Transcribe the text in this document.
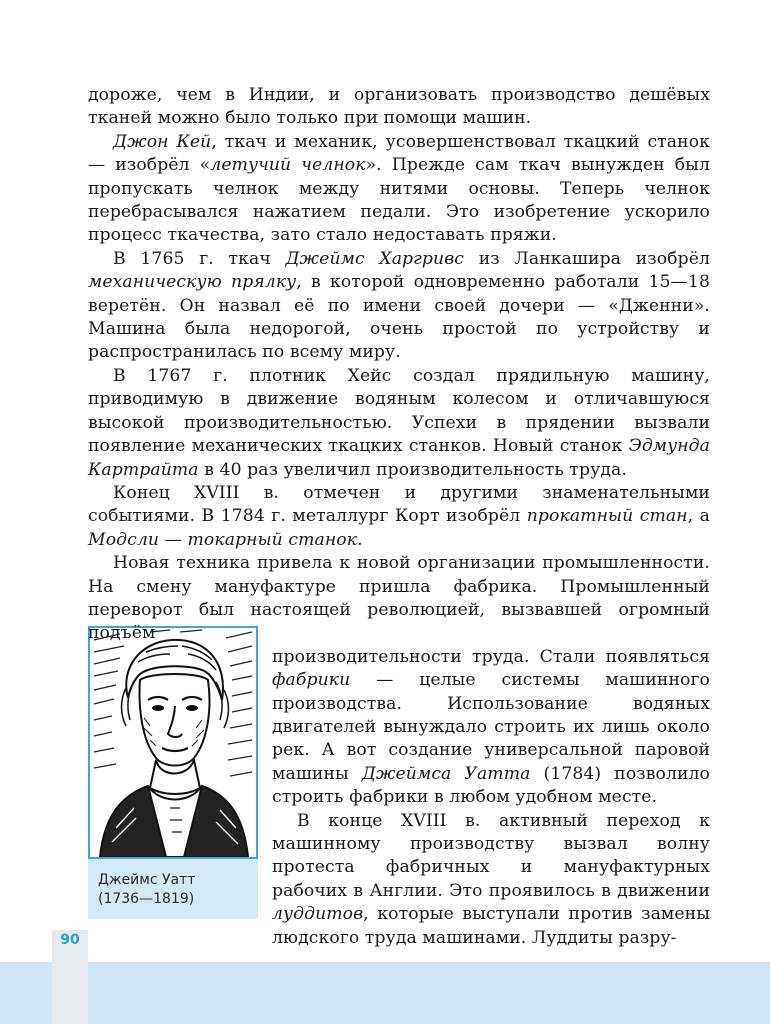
90
Джеймс Уатт
(1736—1819)

дороже, чем в Индии, и организовать производство дешёвых тканей можно было только при помощи машин.

Джон Кей, ткач и механик, усовершенствовал ткацкий станок — изобрёл «летучий челнок». Прежде сам ткач вынужден был пропускать челнок между нитями основы. Теперь челнок перебрасывался нажатием педали. Это изобретение ускорило процесс ткачества, зато стало недоставать пряжи.

В 1765 г. ткач Джеймс Харгривс из Ланкашира изобрёл механическую прялку, в которой одновременно работали 15—18 веретён. Он назвал её по имени своей дочери — «Дженни». Машина была недорогой, очень простой по устройству и распространилась по всему миру.

В 1767 г. плотник Хейс создал прядильную машину, приводимую в движение водяным колесом и отличавшуюся высокой производительностью. Успехи в прядении вызвали появление механических ткацких станков. Новый станок Эдмунда Картрайта в 40 раз увеличил производительность труда.

Конец XVIII в. отмечен и другими знаменательными событиями. В 1784 г. металлург Корт изобрёл прокатный стан, а Модсли — токарный станок.

Новая техника привела к новой организации промышленности. На смену мануфактуре пришла фабрика. Промышленный переворот был настоящей революцией, вызвавшей огромный подъём

производительности труда. Стали появляться фабрики — целые системы машинного производства. Использование водяных двигателей вынуждало строить их лишь около рек. А вот создание универсальной паровой машины Джеймса Уатта (1784) позволило строить фабрики в любом удобном месте.

В конце XVIII в. активный переход к машинному производству вызвал волну протеста фабричных и мануфактурных рабочих в Англии. Это проявилось в движении луддитов, которые выступали против замены людского труда машинами. Луддиты разру-
